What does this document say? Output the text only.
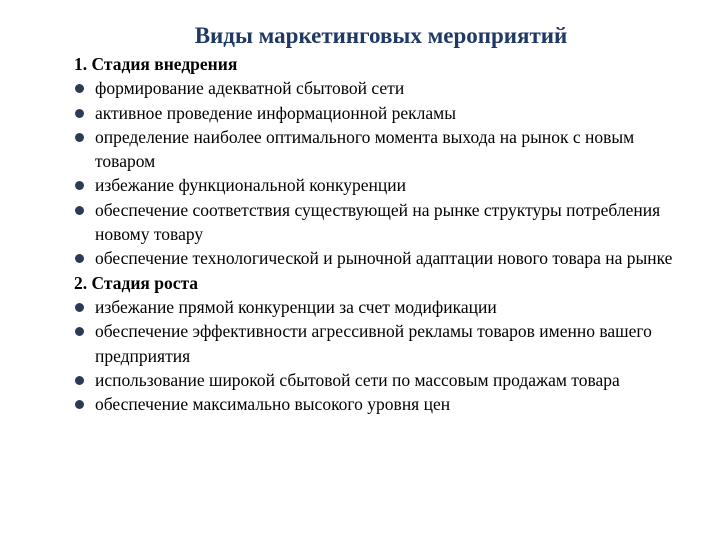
Виды маркетинговых мероприятий
1. Стадия внедрения
формирование адекватной сбытовой сети
активное проведение информационной рекламы
определение наиболее оптимального момента выхода на рынок с новым товаром
избежание функциональной конкуренции
обеспечение соответствия существующей на рынке структуры потребления новому товару
обеспечение технологической и рыночной адаптации нового товара на рынке
2. Стадия роста
избежание прямой конкуренции за счет модификации
обеспечение эффективности агрессивной рекламы товаров именно вашего предприятия
использование широкой сбытовой сети по массовым продажам товара
обеспечение максимально высокого уровня цен
